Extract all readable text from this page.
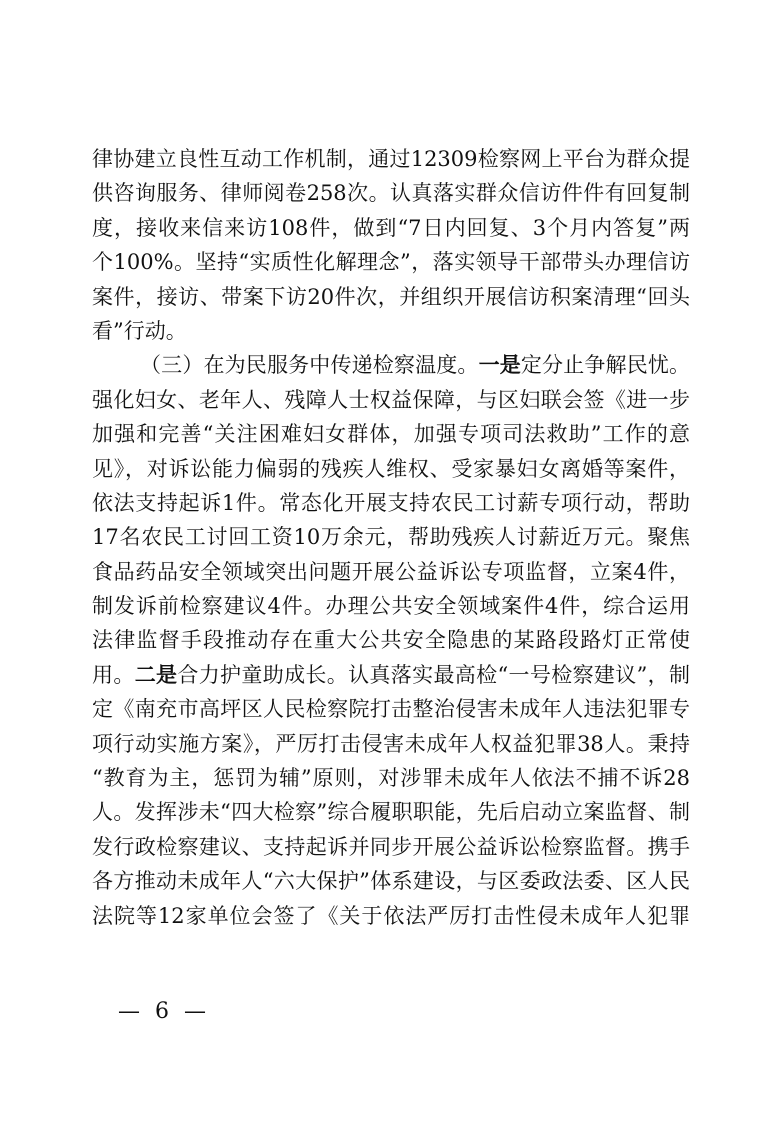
律协建立良性互动工作机制，通过12309检察网上平台为群众提
供咨询服务、律师阅卷258次。认真落实群众信访件件有回复制
度，接收来信来访108件，做到“7日内回复、3个月内答复”两
个100%。坚持“实质性化解理念”，落实领导干部带头办理信访
案件，接访、带案下访20件次，并组织开展信访积案清理“回头
看”行动。
（三）在为民服务中传递检察温度。一是定分止争解民忧。
强化妇女、老年人、残障人士权益保障，与区妇联会签《进一步
加强和完善“关注困难妇女群体，加强专项司法救助”工作的意
见》，对诉讼能力偏弱的残疾人维权、受家暴妇女离婚等案件，
依法支持起诉1件。常态化开展支持农民工讨薪专项行动，帮助
17名农民工讨回工资10万余元，帮助残疾人讨薪近万元。聚焦
食品药品安全领域突出问题开展公益诉讼专项监督，立案4件，
制发诉前检察建议4件。办理公共安全领域案件4件，综合运用
法律监督手段推动存在重大公共安全隐患的某路段路灯正常使
用。二是合力护童助成长。认真落实最高检“一号检察建议”，制
定《南充市高坪区人民检察院打击整治侵害未成年人违法犯罪专
项行动实施方案》，严厉打击侵害未成年人权益犯罪38人。秉持
“教育为主，惩罚为辅”原则，对涉罪未成年人依法不捕不诉28
人。发挥涉未“四大检察”综合履职职能，先后启动立案监督、制
发行政检察建议、支持起诉并同步开展公益诉讼检察监督。携手
各方推动未成年人“六大保护”体系建设，与区委政法委、区人民
法院等12家单位会签了《关于依法严厉打击性侵未成年人犯罪
— 6 —
